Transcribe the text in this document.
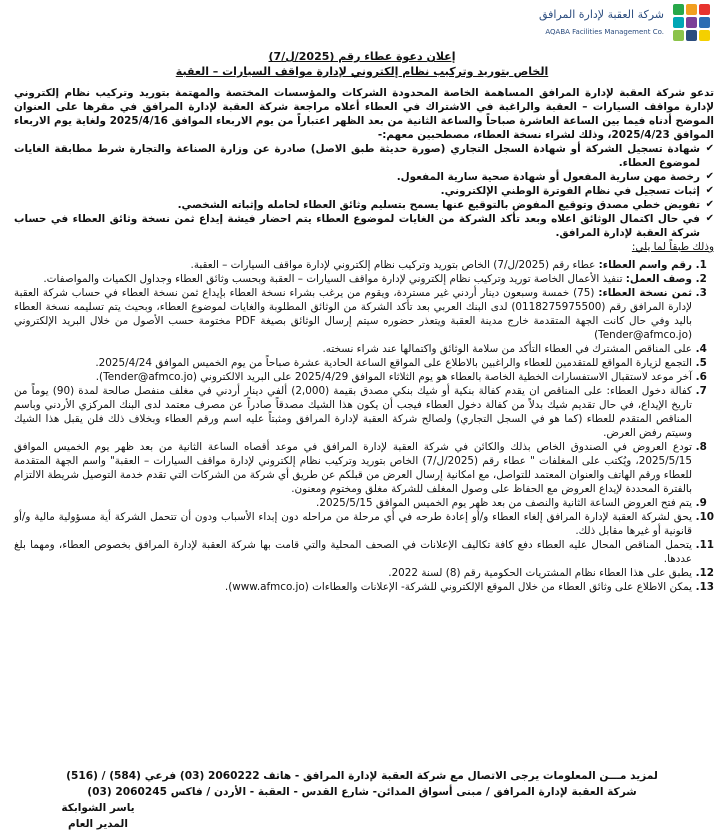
شركة العقبة لإدارة المرافق
AQABA Facilities Management Co.
إعلان دعوة عطاء رقم (2025/ل/7)
الخاص بتوريد وتركيب نظام إلكتروني لإدارة مواقف السيارات – العقبة

تدعو شركة العقبة لإدارة المرافق المساهمة الخاصة المحدودة الشركات والمؤسسات المختصة والمهتمة بتوريد وتركيب نظام إلكتروني لإدارة مواقف السيارات – العقبة والراغبة في الاشتراك في العطاء أعلاه مراجعة شركة العقبة لإدارة المرافق في مقرها على العنوان الموضح أدناه فيما بين الساعة العاشرة صباحاً والساعة الثانية من بعد الظهر اعتباراً من يوم الاربعاء الموافق 2025/4/16 ولغاية يوم الاربعاء الموافق 2025/4/23، وذلك لشراء نسخة العطاء، مصطحبين معهم:-

✔ شهادة تسجيل الشركة أو شهادة السجل التجاري (صورة حديثة طبق الاصل) صادرة عن وزارة الصناعة والتجارة شرط مطابقة الغايات لموضوع العطاء.
✔ رخصة مهن سارية المفعول أو شهادة صحية سارية المفعول.
✔ إثبات تسجيل في نظام الفوترة الوطني الإلكتروني.
✔ تفويض خطي مصدق وتوقيع المفوض بالتوقيع عنها يسمح بتسليم وثائق العطاء لحامله وإثباته الشخصي.
✔ في حال اكتمال الوثائق اعلاه وبعد تأكد الشركة من الغايات لموضوع العطاء يتم احضار فيشة إيداع ثمن نسخة وثائق العطاء في حساب شركة العقبة لإدارة المرافق.

وذلك طبقاً لما يلي:

1. رقم واسم العطاء: عطاء رقم (2025/ل/7) الخاص بتوريد وتركيب نظام إلكتروني لإدارة مواقف السيارات – العقبة.
2. وصف العمل: تنفيذ الأعمال الخاصة توريد وتركيب نظام إلكتروني لإدارة مواقف السيارات – العقبة وبحسب وثائق العطاء وجداول الكميات والمواصفات.
3. ثمن نسخة العطاء: (75) خمسة وسبعون دينار أردني غير مستردة، ويقوم من يرغب بشراء نسخة العطاء بإيداع ثمن نسخة العطاء في حساب شركة العقبة لإدارة المرافق رقم (0118275975500) لدى البنك العربي بعد تأكد الشركة من الوثائق المطلوبة والغايات لموضوع العطاء، وبحيث يتم تسليمه نسخة العطاء باليد وفي حال كانت الجهة المتقدمة خارج مدينة العقبة ويتعذر حضوره سيتم إرسال الوثائق بصيغة PDF مختومة حسب الأصول من خلال البريد الإلكتروني (Tender@afmco.jo)
4. على المناقص المشترك في العطاء التأكد من سلامة الوثائق واكتمالها عند شراء نسخته.
5. التجمع لزيارة المواقع للمتقدمين للعطاء والراغبين بالاطلاع على المواقع الساعة الحادية عشرة صباحاً من يوم الخميس الموافق 2025/4/24.
6. آخر موعد لاستقبال الاستفسارات الخطية الخاصة بالعطاء هو يوم الثلاثاء الموافق 2025/4/29 على البريد الالكتروني (Tender@afmco.jo).
7. كفالة دخول العطاء: على المناقص ان يقدم كفالة بنكية أو شيك بنكي مصدق بقيمة (2,000) ألفي دينار أردني في مغلف منفصل صالحة لمدة (90) يوماً من تاريخ الإيداع، في حال تقديم شيك بدلاً من كفالة دخول العطاء فيجب أن يكون هذا الشيك مصدقاً صادراً عن مصرف معتمد لدى البنك المركزي الأردني وباسم المناقص المتقدم للعطاء (كما هو في السجل التجاري) ولصالح شركة العقبة لإدارة المرافق ومثبتاً عليه اسم ورقم العطاء وبخلاف ذلك فلن يقبل هذا الشيك وسيتم رفض العرض.
8. تودع العروض في الصندوق الخاص بذلك والكائن في شركة العقبة لإدارة المرافق في موعد أقصاه الساعة الثانية من بعد ظهر يوم الخميس الموافق 2025/5/15، ويُكتب على المغلفات " عطاء رقم (2025/ل/7) الخاص بتوريد وتركيب نظام إلكتروني لإدارة مواقف السيارات – العقبة" واسم الجهة المتقدمة للعطاء ورقم الهاتف والعنوان المعتمد للتواصل، مع امكانية إرسال العرض من قبلكم عن طريق أي شركة من الشركات التي تقدم خدمة التوصيل شريطة الالتزام بالفترة المحددة لإيداع العروض مع الحفاظ على وصول المغلف للشركة مغلق ومختوم ومعنون.
9. يتم فتح العروض الساعة الثانية والنصف من بعد ظهر يوم الخميس الموافق 2025/5/15.
10. يحق لشركة العقبة لإدارة المرافق إلغاء العطاء و/أو إعادة طرحه في أي مرحلة من مراحله دون إبداء الأسباب ودون أن تتحمل الشركة أية مسؤولية مالية و/أو قانونية أو غيرها مقابل ذلك.
11. يتحمل المناقص المحال عليه العطاء دفع كافة تكاليف الإعلانات في الصحف المحلية والتي قامت بها شركة العقبة لإدارة المرافق بخصوص العطاء، ومهما بلغ عددها.
12. يطبق على هذا العطاء نظام المشتريات الحكومية رقم (8) لسنة 2022.
13. يمكن الاطلاع على وثائق العطاء من خلال الموقع الإلكتروني للشركة- الإعلانات والعطاءات (www.afmco.jo).
لمزيد مـــن المعلومات يرجى الاتصال مع شركة العقبة لإدارة المرافق - هاتف 2060222 (03) فرعي (584) / (516)
شركة العقبة لإدارة المرافق / مبنى أسواق المدائن- شارع القدس - العقبة - الأردن / فاكس 2060245 (03)
ياسر الشوابكة
المدير العام
